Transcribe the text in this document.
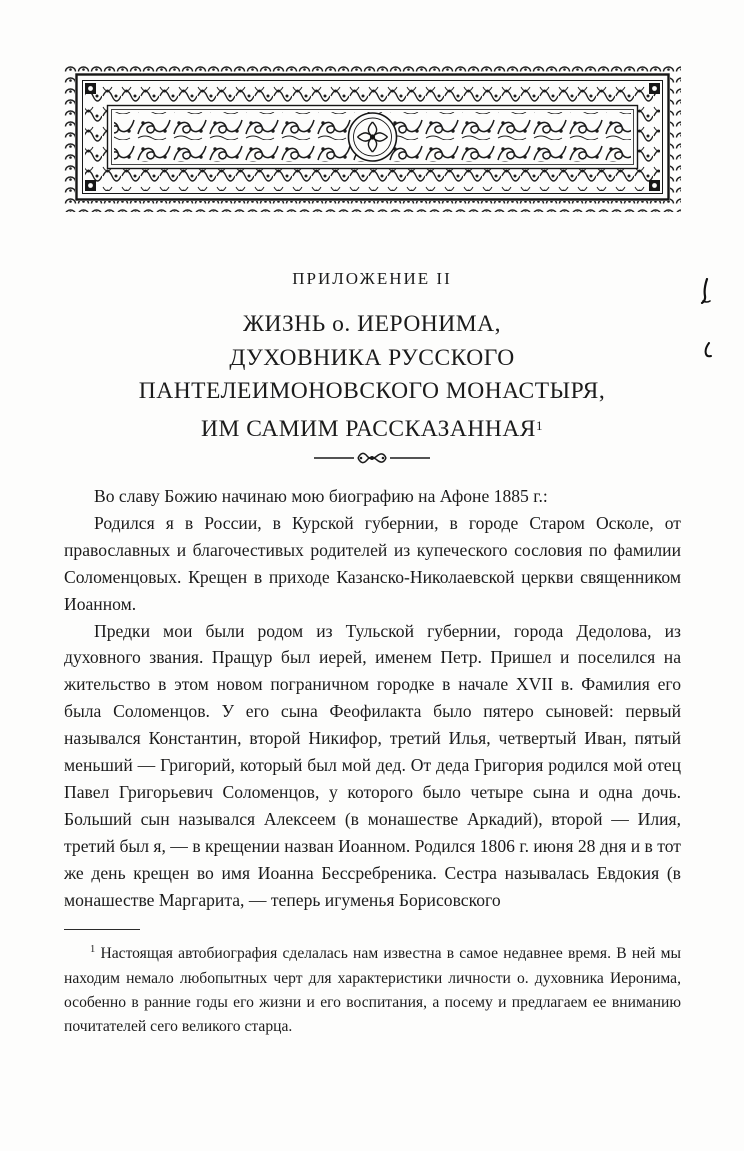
ПРИЛОЖЕНИЕ II
ЖИЗНЬ о. ИЕРОНИМА,
ДУХОВНИКА РУССКОГО
ПАНТЕЛЕИМОНОВСКОГО МОНАСТЫРЯ,
ИМ САМИМ РАССКАЗАННАЯ$^1$

Во славу Божию начинаю мою биографию на Афоне 1885 г.:

Родился я в России, в Курской губернии, в городе Старом Осколе, от православных и благочестивых родителей из купеческого сословия по фамилии Соломенцовых. Крещен в приходе Казанско-Николаевской церкви священником Иоанном.

Предки мои были родом из Тульской губернии, города Дедолова, из духовного звания. Пращур был иерей, именем Петр. Пришел и поселился на жительство в этом новом пограничном городке в начале XVII в. Фамилия его была Соломенцов. У его сына Феофилакта было пятеро сыновей: первый назывался Константин, второй Никифор, третий Илья, четвертый Иван, пятый меньший — Григорий, который был мой дед. От деда Григория родился мой отец Павел Григорьевич Соломенцов, у которого было четыре сына и одна дочь. Больший сын назывался Алексеем (в монашестве Аркадий), второй — Илия, третий был я, — в крещении назван Иоанном. Родился 1806 г. июня 28 дня и в тот же день крещен во имя Иоанна Бессребреника. Сестра называлась Евдокия (в монашестве Маргарита, — теперь игуменья Борисовского

$^1$ Настоящая автобиография сделалась нам известна в самое недавнее время. В ней мы находим немало любопытных черт для характеристики личности о. духовника Иеронима, особенно в ранние годы его жизни и его воспитания, а посему и предлагаем ее вниманию почитателей сего великого старца.
